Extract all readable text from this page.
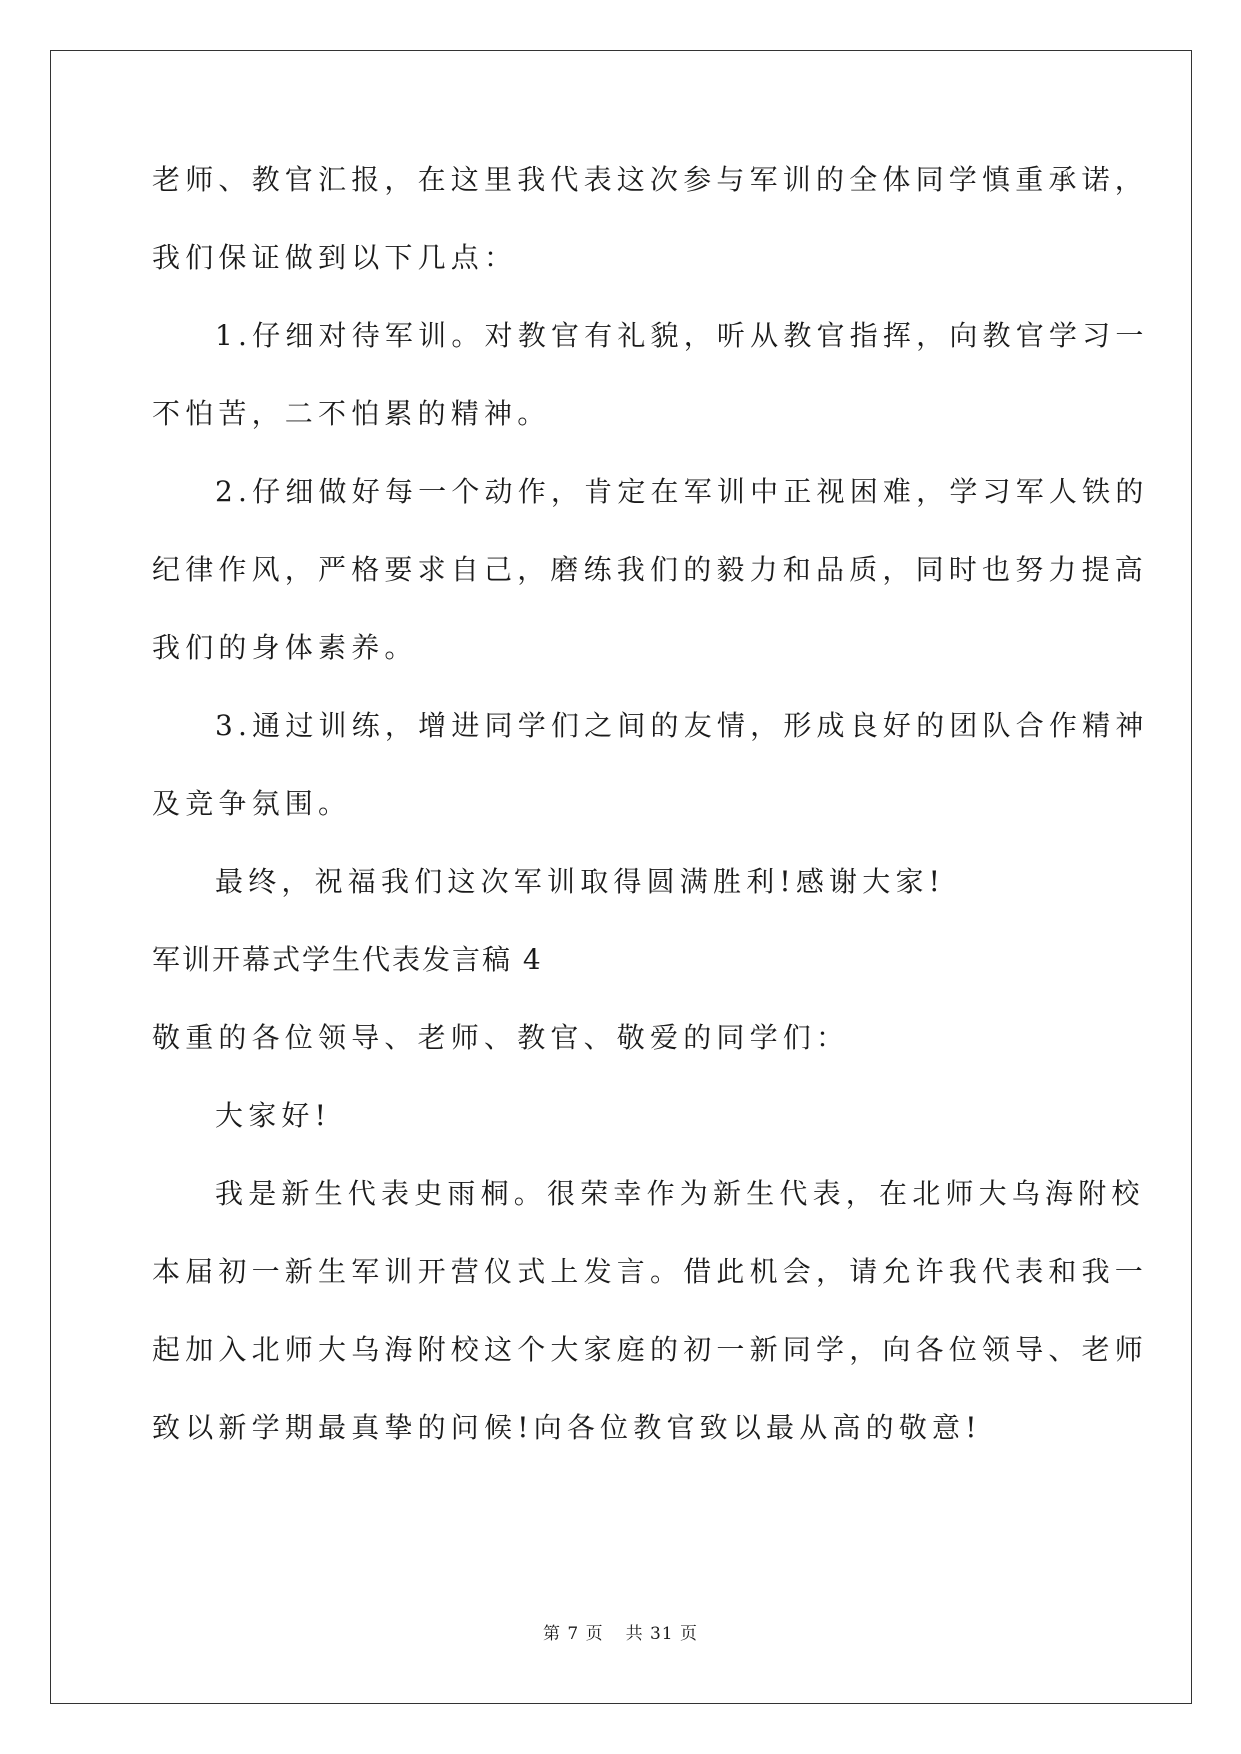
老师、教官汇报，在这里我代表这次参与军训的全体同学慎重承诺，
我们保证做到以下几点：
1.仔细对待军训。对教官有礼貌，听从教官指挥，向教官学习一
不怕苦，二不怕累的精神。
2.仔细做好每一个动作，肯定在军训中正视困难，学习军人铁的
纪律作风，严格要求自己，磨练我们的毅力和品质，同时也努力提高
我们的身体素养。
3.通过训练，增进同学们之间的友情，形成良好的团队合作精神
及竞争氛围。
最终，祝福我们这次军训取得圆满胜利!感谢大家!
军训开幕式学生代表发言稿 4
敬重的各位领导、老师、教官、敬爱的同学们：
大家好!
我是新生代表史雨桐。很荣幸作为新生代表，在北师大乌海附校
本届初一新生军训开营仪式上发言。借此机会，请允许我代表和我一
起加入北师大乌海附校这个大家庭的初一新同学，向各位领导、老师
致以新学期最真挚的问候!向各位教官致以最从高的敬意!
第 7 页 共 31 页
